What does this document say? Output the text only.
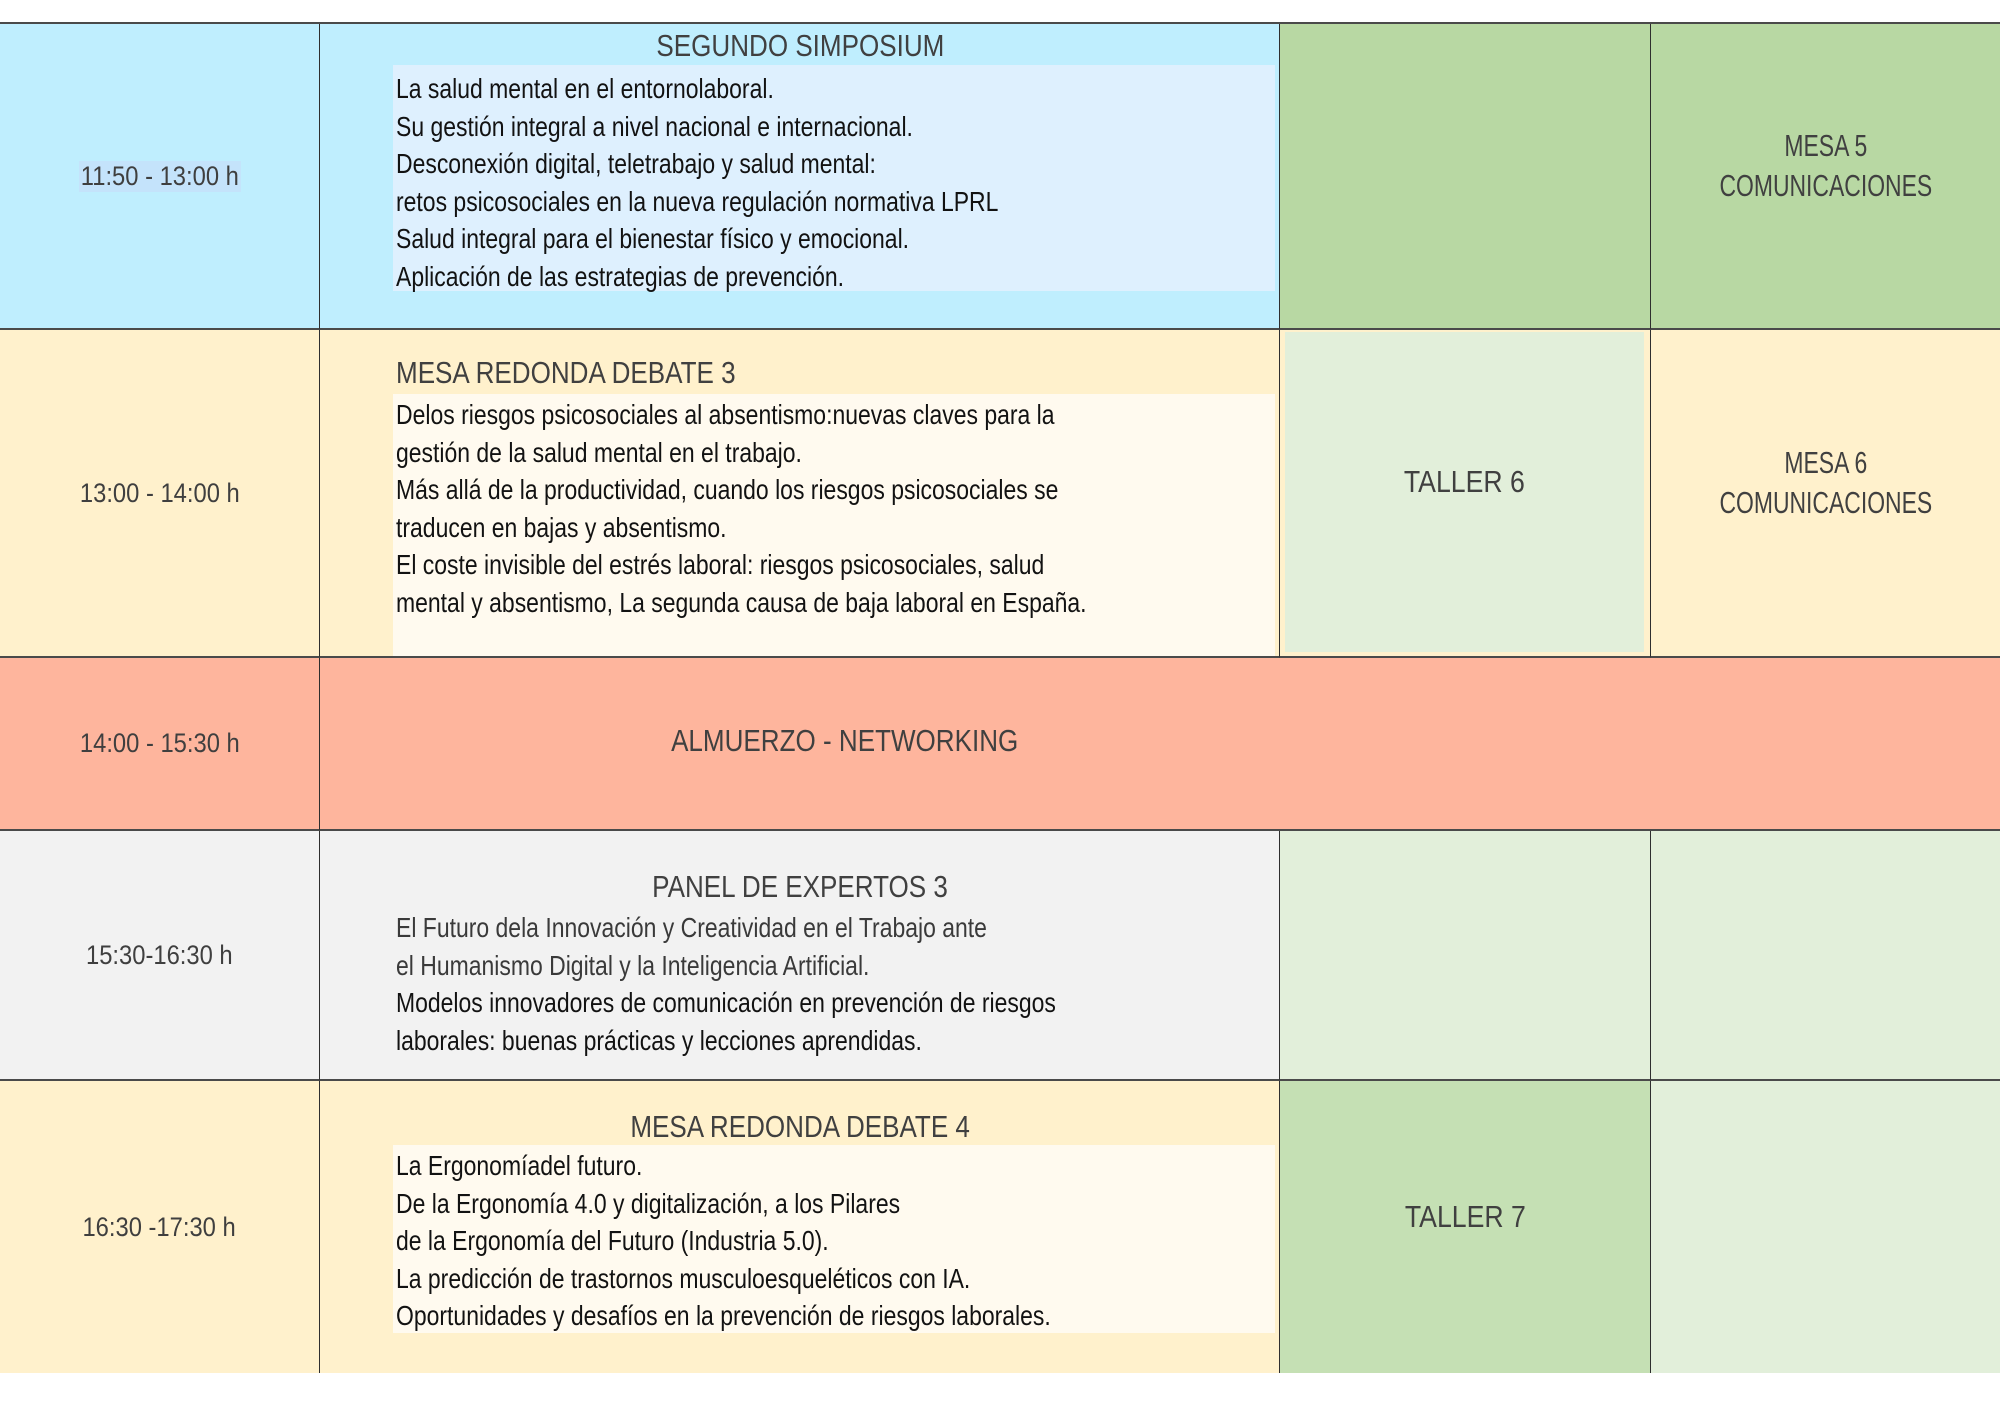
11:50 - 13:00 h
SEGUNDO SIMPOSIUM
La salud mental en el entornolaboral.
Su gestión integral a nivel nacional e internacional.
Desconexión digital, teletrabajo y salud mental:
retos psicosociales en la nueva regulación normativa LPRL
Salud integral para el bienestar físico y emocional.
Aplicación de las estrategias de prevención.
MESA 5
COMUNICACIONES
13:00 - 14:00 h
MESA REDONDA DEBATE 3
Delos riesgos psicosociales al absentismo:nuevas claves para la
gestión de la salud mental en el trabajo.
Más allá de la productividad, cuando los riesgos psicosociales se
traducen en bajas y absentismo.
El coste invisible del estrés laboral: riesgos psicosociales, salud
mental y absentismo, La segunda causa de baja laboral en España.
TALLER 6
MESA 6
COMUNICACIONES
14:00 - 15:30 h	ALMUERZO - NETWORKING
15:30-16:30 h
PANEL DE EXPERTOS 3
El Futuro dela Innovación y Creatividad en el Trabajo ante
el Humanismo Digital y la Inteligencia Artificial.
Modelos innovadores de comunicación en prevención de riesgos
laborales: buenas prácticas y lecciones aprendidas.
16:30 -17:30 h
MESA REDONDA DEBATE 4
La Ergonomíadel futuro.
De la Ergonomía 4.0 y digitalización, a los Pilares
de la Ergonomía del Futuro (Industria 5.0).
La predicción de trastornos musculoesqueléticos con IA.
Oportunidades y desafíos en la prevención de riesgos laborales.
TALLER 7
